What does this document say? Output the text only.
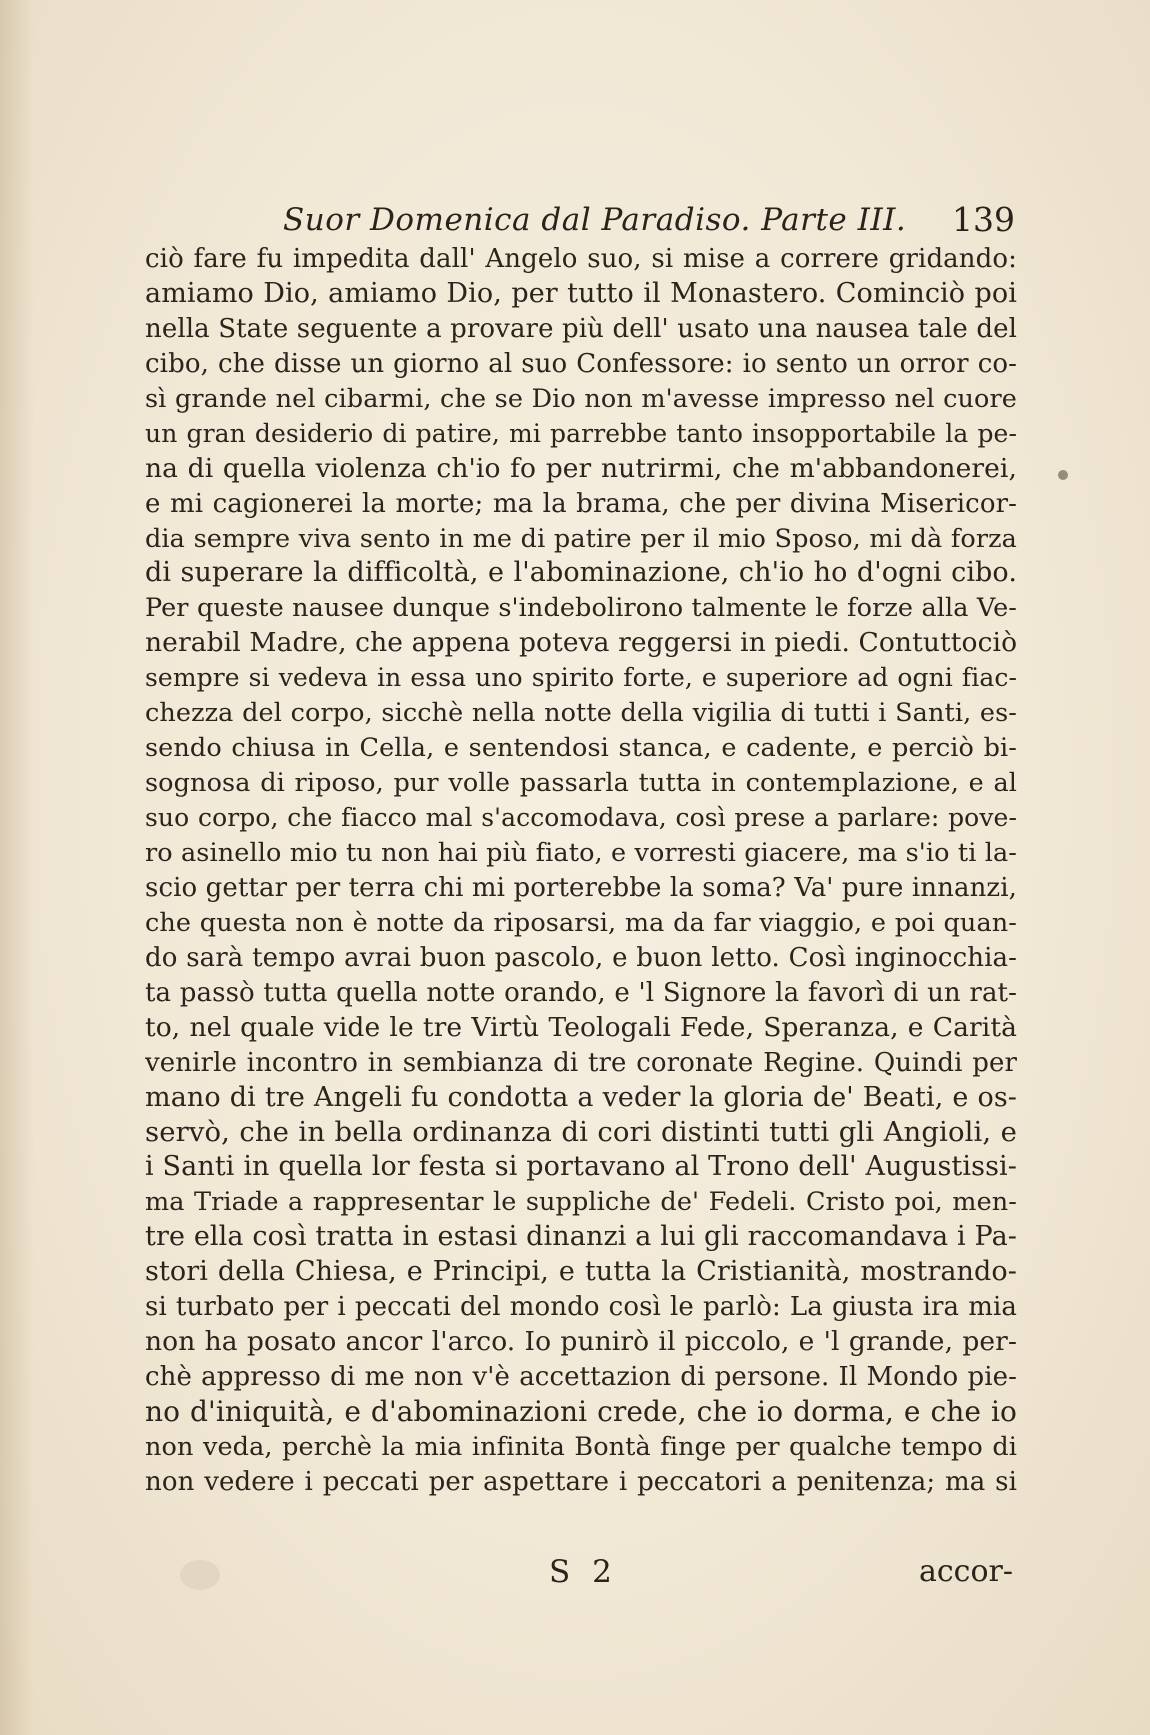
Suor Domenica dal Paradiso. Parte III. 139
ciò fare fu impedita dall' Angelo suo, si mise a correre gridando:
amiamo Dio, amiamo Dio, per tutto il Monastero. Cominciò poi
nella State seguente a provare più dell' usato una nausea tale del
cibo, che disse un giorno al suo Confessore: io sento un orror co-
sì grande nel cibarmi, che se Dio non m'avesse impresso nel cuore
un gran desiderio di patire, mi parrebbe tanto insopportabile la pe-
na di quella violenza ch'io fo per nutrirmi, che m'abbandonerei,
e mi cagionerei la morte; ma la brama, che per divina Misericor-
dia sempre viva sento in me di patire per il mio Sposo, mi dà forza
di superare la difficoltà, e l'abominazione, ch'io ho d'ogni cibo.
Per queste nausee dunque s'indebolirono talmente le forze alla Ve-
nerabil Madre, che appena poteva reggersi in piedi. Contuttociò
sempre si vedeva in essa uno spirito forte, e superiore ad ogni fiac-
chezza del corpo, sicchè nella notte della vigilia di tutti i Santi, es-
sendo chiusa in Cella, e sentendosi stanca, e cadente, e perciò bi-
sognosa di riposo, pur volle passarla tutta in contemplazione, e al
suo corpo, che fiacco mal s'accomodava, così prese a parlare: pove-
ro asinello mio tu non hai più fiato, e vorresti giacere, ma s'io ti la-
scio gettar per terra chi mi porterebbe la soma? Va' pure innanzi,
che questa non è notte da riposarsi, ma da far viaggio, e poi quan-
do sarà tempo avrai buon pascolo, e buon letto. Così inginocchia-
ta passò tutta quella notte orando, e 'l Signore la favorì di un rat-
to, nel quale vide le tre Virtù Teologali Fede, Speranza, e Carità
venirle incontro in sembianza di tre coronate Regine. Quindi per
mano di tre Angeli fu condotta a veder la gloria de' Beati, e os-
servò, che in bella ordinanza di cori distinti tutti gli Angioli, e
i Santi in quella lor festa si portavano al Trono dell' Augustissi-
ma Triade a rappresentar le suppliche de' Fedeli. Cristo poi, men-
tre ella così tratta in estasi dinanzi a lui gli raccomandava i Pa-
stori della Chiesa, e Principi, e tutta la Cristianità, mostrando-
si turbato per i peccati del mondo così le parlò: La giusta ira mia
non ha posato ancor l'arco. Io punirò il piccolo, e 'l grande, per-
chè appresso di me non v'è accettazion di persone. Il Mondo pie-
no d'iniquità, e d'abominazioni crede, che io dorma, e che io
non veda, perchè la mia infinita Bontà finge per qualche tempo di
non vedere i peccati per aspettare i peccatori a penitenza; ma si
S 2	accor-
